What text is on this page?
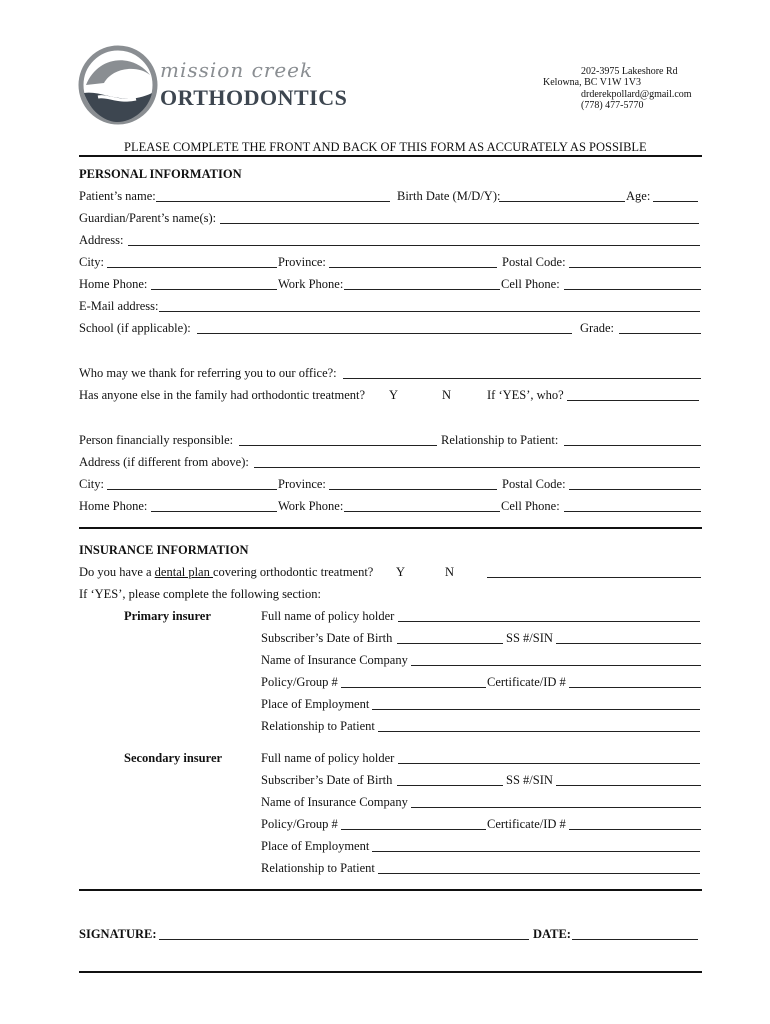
mission creek
ORTHODONTICS
202-3975 Lakeshore Rd
Kelowna, BC V1W 1V3
drderekpollard@gmail.com
(778) 477-5770
PLEASE COMPLETE THE FRONT AND BACK OF THIS FORM AS ACCURATELY AS POSSIBLE
PERSONAL INFORMATION
Patient’s name:	Birth Date (M/D/Y):	Age:
Guardian/Parent’s name(s):
Address:
City:	Province:	Postal Code:
Home Phone:	Work Phone:	Cell Phone:
E-Mail address:
School (if applicable):	Grade:
Who may we thank for referring you to our office?:
Has anyone else in the family had orthodontic treatment? Y	N	If ‘YES’, who?
Person financially responsible:	Relationship to Patient:
Address (if different from above):
City:	Province:	Postal Code:
Home Phone:	Work Phone:	Cell Phone:
INSURANCE INFORMATION
Do you have a dental plan covering orthodontic treatment? Y	N
If ‘YES’, please complete the following section:
Primary insurer	Full name of policy holder
Subscriber’s Date of Birth	SS #/SIN
Name of Insurance Company
Policy/Group #	Certificate/ID #
Place of Employment
Relationship to Patient
Secondary insurer	Full name of policy holder
Subscriber’s Date of Birth	SS #/SIN
Name of Insurance Company
Policy/Group #	Certificate/ID #
Place of Employment
Relationship to Patient
SIGNATURE:	DATE:
